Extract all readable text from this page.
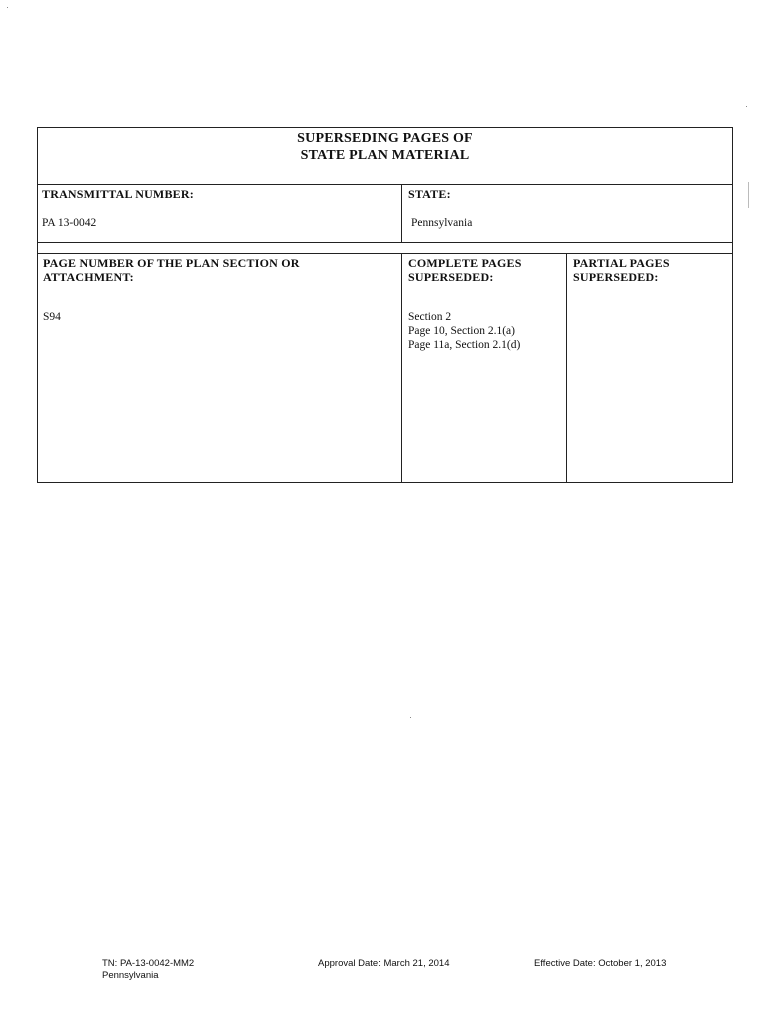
SUPERSEDING PAGES OF
STATE PLAN MATERIAL
TRANSMITTAL NUMBER:
PA 13-0042
STATE:
Pennsylvania
PAGE NUMBER OF THE PLAN SECTION OR
ATTACHMENT:
S94
COMPLETE PAGES
SUPERSEDED:
Section 2
Page 10, Section 2.1(a)
Page 11a, Section 2.1(d)
PARTIAL PAGES
SUPERSEDED:
TN: PA-13-0042-MM2
Pennsylvania
Approval Date: March 21, 2014	Effective Date: October 1, 2013
